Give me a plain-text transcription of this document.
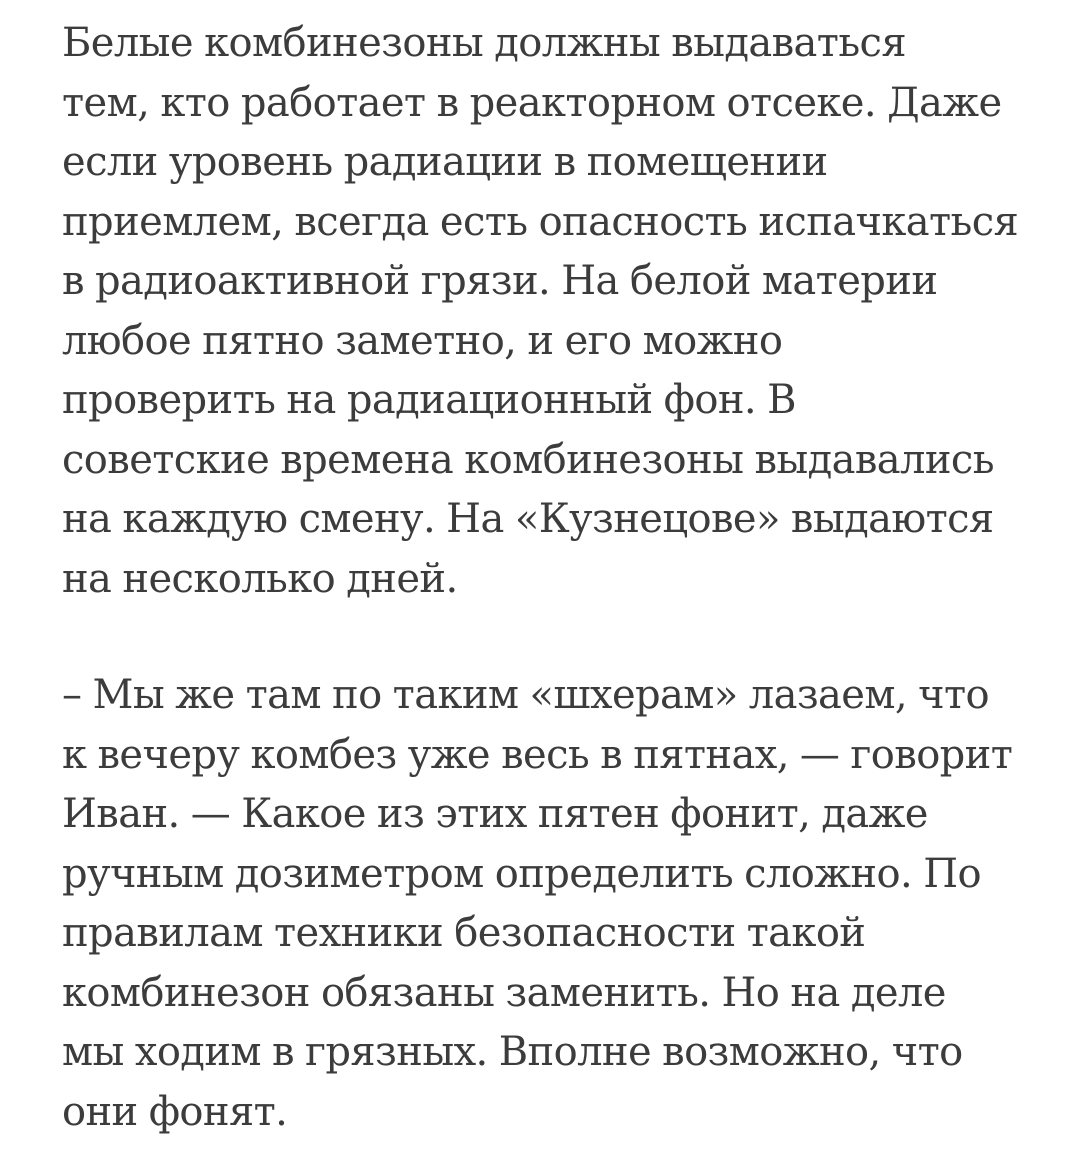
Белые комбинезоны должны выдаваться
тем, кто работает в реакторном отсеке. Даже
если уровень радиации в помещении
приемлем, всегда есть опасность испачкаться
в радиоактивной грязи. На белой материи
любое пятно заметно, и его можно
проверить на радиационный фон. В
советские времена комбинезоны выдавались
на каждую смену. На «Кузнецове» выдаются
на несколько дней.

– Мы же там по таким «шхерам» лазаем, что
к вечеру комбез уже весь в пятнах, — говорит
Иван. — Какое из этих пятен фонит, даже
ручным дозиметром определить сложно. По
правилам техники безопасности такой
комбинезон обязаны заменить. Но на деле
мы ходим в грязных. Вполне возможно, что
они фонят.
